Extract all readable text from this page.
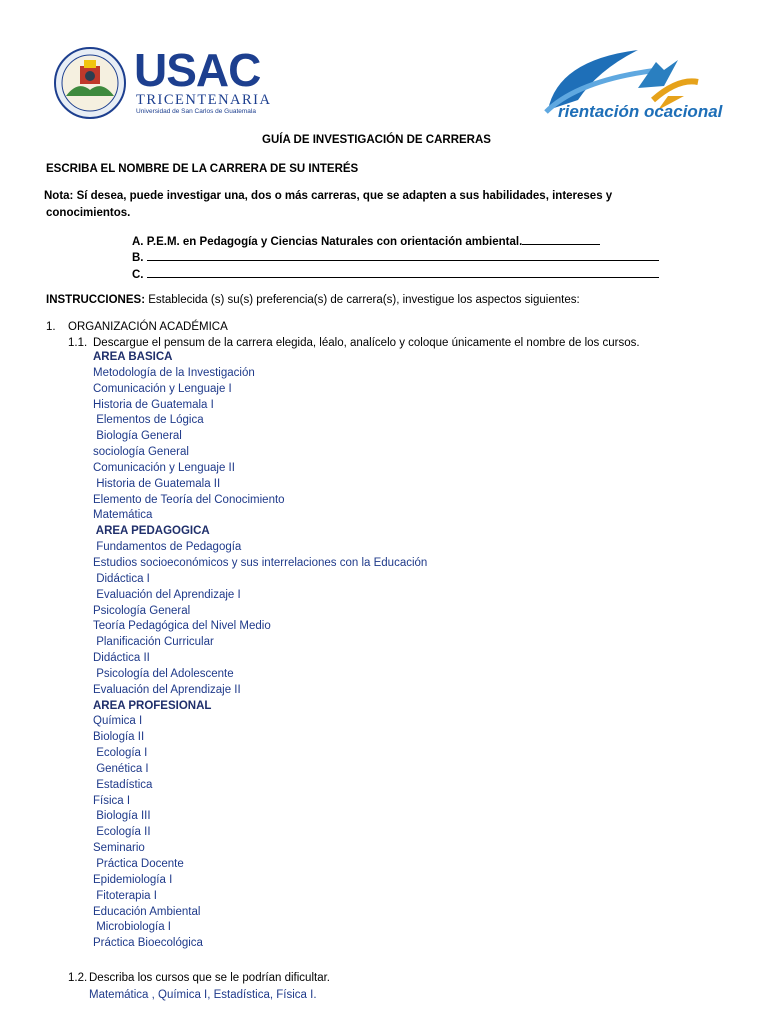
USAC
TRICENTENARIA
Universidad de San Carlos de Guatemala	rientación ocacional
GUÍA DE INVESTIGACIÓN DE CARRERAS
ESCRIBA EL NOMBRE DE LA CARRERA DE SU INTERÉS
Nota: Sí desea, puede investigar una, dos o más carreras, que se adapten a sus habilidades, intereses y
conocimientos.
A. P.E.M. en Pedagogía y Ciencias Naturales con orientación ambiental.
B.
C.
INSTRUCCIONES: Establecida (s) su(s) preferencia(s) de carrera(s), investigue los aspectos siguientes:
1. ORGANIZACIÓN ACADÉMICA
1.1. Descargue el pensum de la carrera elegida, léalo, analícelo y coloque únicamente el nombre de los cursos.
AREA BASICA
Metodología de la Investigación
Comunicación y Lenguaje I
Historia de Guatemala I
Elementos de Lógica
Biología General
sociología General
Comunicación y Lenguaje II
Historia de Guatemala II
Elemento de Teoría del Conocimiento
Matemática
AREA PEDAGOGICA
Fundamentos de Pedagogía
Estudios socioeconómicos y sus interrelaciones con la Educación
Didáctica I
Evaluación del Aprendizaje I
Psicología General
Teoría Pedagógica del Nivel Medio
Planificación Curricular
Didáctica II
Psicología del Adolescente
Evaluación del Aprendizaje II
AREA PROFESIONAL
Química I
Biología II
Ecología I
Genética I
Estadística
Física I
Biología III
Ecología II
Seminario
Práctica Docente
Epidemiología I
Fitoterapia I
Educación Ambiental
Microbiología I
Práctica Bioecológica
1.2. Describa los cursos que se le podrían dificultar.
Matemática , Química I, Estadística, Física I.
